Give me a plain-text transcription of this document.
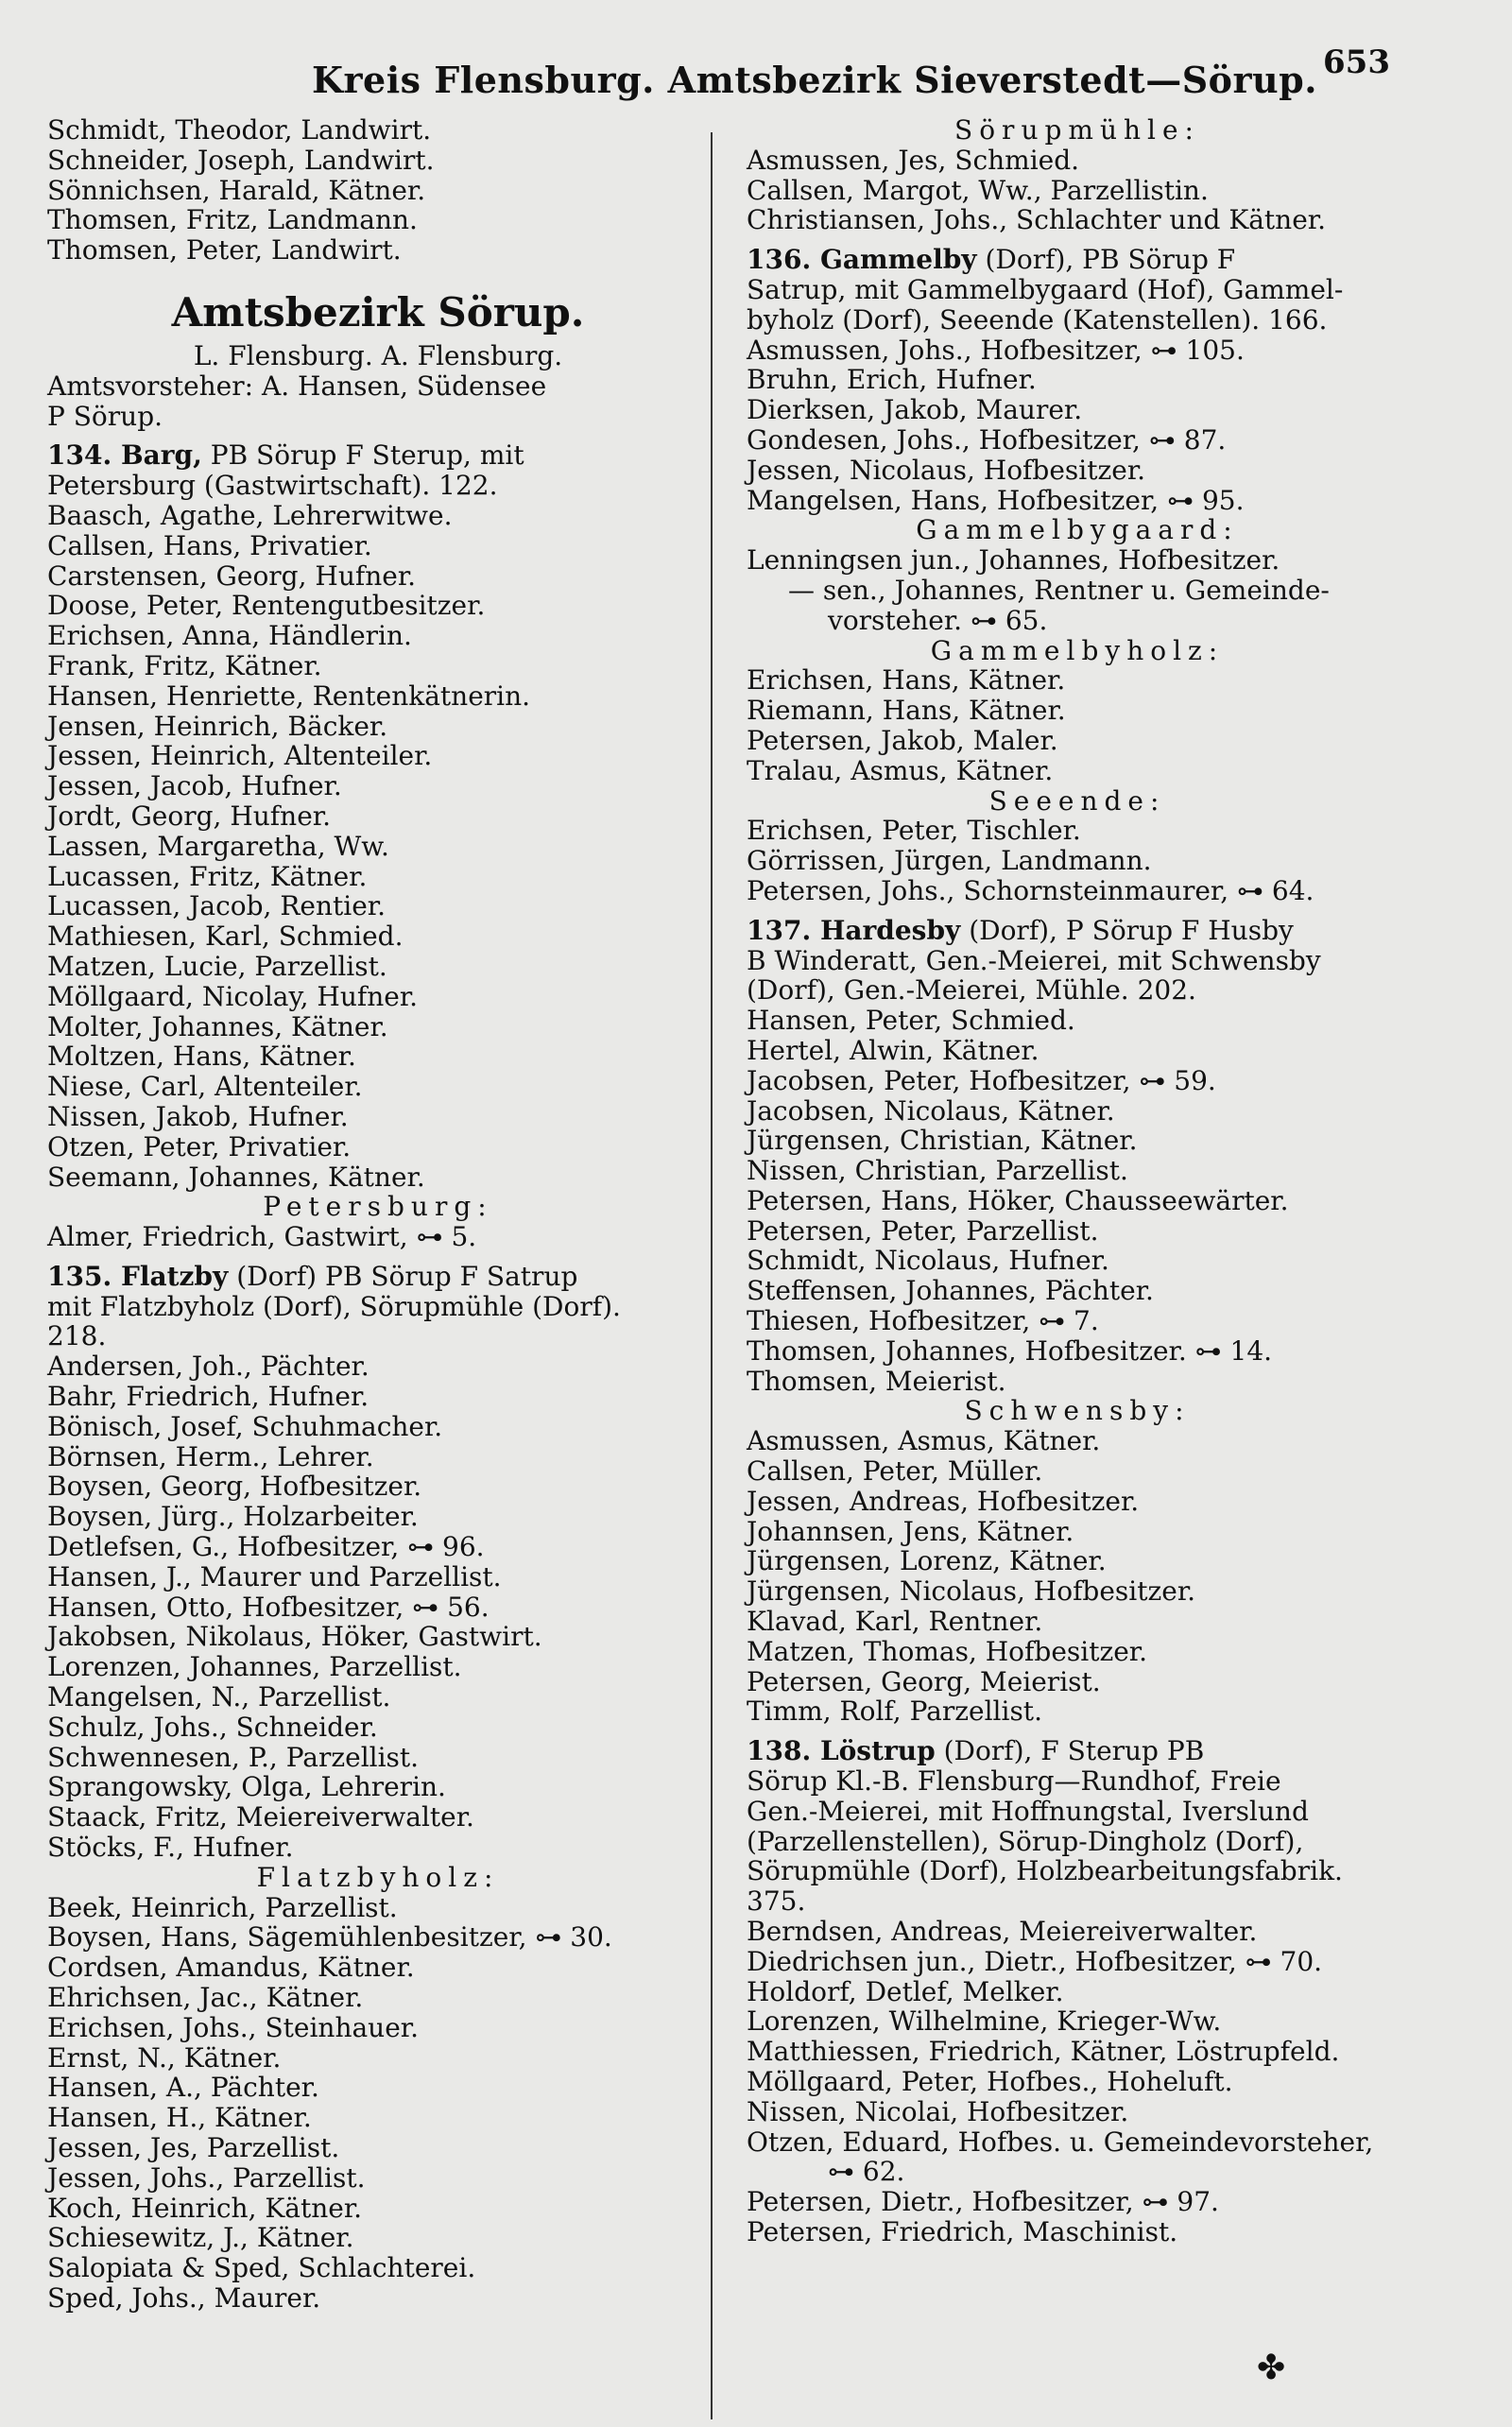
Kreis Flensburg. Amtsbezirk Sieverstedt—Sörup. 653
Schmidt, Theodor, Landwirt.
Schneider, Joseph, Landwirt.
Sönnichsen, Harald, Kätner.
Thomsen, Fritz, Landmann.
Thomsen, Peter, Landwirt.
Amtsbezirk Sörup.
L. Flensburg. A. Flensburg.
Amtsvorsteher: A. Hansen, Südensee
P Sörup.
134. Barg, PB Sörup F Sterup, mit
Petersburg (Gastwirtschaft). 122.
Baasch, Agathe, Lehrerwitwe.
Callsen, Hans, Privatier.
Carstensen, Georg, Hufner.
Doose, Peter, Rentengutbesitzer.
Erichsen, Anna, Händlerin.
Frank, Fritz, Kätner.
Hansen, Henriette, Rentenkätnerin.
Jensen, Heinrich, Bäcker.
Jessen, Heinrich, Altenteiler.
Jessen, Jacob, Hufner.
Jordt, Georg, Hufner.
Lassen, Margaretha, Ww.
Lucassen, Fritz, Kätner.
Lucassen, Jacob, Rentier.
Mathiesen, Karl, Schmied.
Matzen, Lucie, Parzellist.
Möllgaard, Nicolay, Hufner.
Molter, Johannes, Kätner.
Moltzen, Hans, Kätner.
Niese, Carl, Altenteiler.
Nissen, Jakob, Hufner.
Otzen, Peter, Privatier.
Seemann, Johannes, Kätner.
Petersburg:
Almer, Friedrich, Gastwirt, ⊶ 5.
135. Flatzby (Dorf) PB Sörup F Satrup
mit Flatzbyholz (Dorf), Sörupmühle (Dorf).
218.
Andersen, Joh., Pächter.
Bahr, Friedrich, Hufner.
Bönisch, Josef, Schuhmacher.
Börnsen, Herm., Lehrer.
Boysen, Georg, Hofbesitzer.
Boysen, Jürg., Holzarbeiter.
Detlefsen, G., Hofbesitzer, ⊶ 96.
Hansen, J., Maurer und Parzellist.
Hansen, Otto, Hofbesitzer, ⊶ 56.
Jakobsen, Nikolaus, Höker, Gastwirt.
Lorenzen, Johannes, Parzellist.
Mangelsen, N., Parzellist.
Schulz, Johs., Schneider.
Schwennesen, P., Parzellist.
Sprangowsky, Olga, Lehrerin.
Staack, Fritz, Meiereiverwalter.
Stöcks, F., Hufner.
Flatzbyholz:
Beek, Heinrich, Parzellist.
Boysen, Hans, Sägemühlenbesitzer, ⊶ 30.
Cordsen, Amandus, Kätner.
Ehrichsen, Jac., Kätner.
Erichsen, Johs., Steinhauer.
Ernst, N., Kätner.
Hansen, A., Pächter.
Hansen, H., Kätner.
Jessen, Jes, Parzellist.
Jessen, Johs., Parzellist.
Koch, Heinrich, Kätner.
Schiesewitz, J., Kätner.
Salopiata & Sped, Schlachterei.
Sped, Johs., Maurer.
Sörupmühle:
Asmussen, Jes, Schmied.
Callsen, Margot, Ww., Parzellistin.
Christiansen, Johs., Schlachter und Kätner.
136. Gammelby (Dorf), PB Sörup F
Satrup, mit Gammelbygaard (Hof), Gammel-
byholz (Dorf), Seeende (Katenstellen). 166.
Asmussen, Johs., Hofbesitzer, ⊶ 105.
Bruhn, Erich, Hufner.
Dierksen, Jakob, Maurer.
Gondesen, Johs., Hofbesitzer, ⊶ 87.
Jessen, Nicolaus, Hofbesitzer.
Mangelsen, Hans, Hofbesitzer, ⊶ 95.
Gammelbygaard:
Lenningsen jun., Johannes, Hofbesitzer.
— sen., Johannes, Rentner u. Gemeinde-
vorsteher. ⊶ 65.
Gammelbyholz:
Erichsen, Hans, Kätner.
Riemann, Hans, Kätner.
Petersen, Jakob, Maler.
Tralau, Asmus, Kätner.
Seeende:
Erichsen, Peter, Tischler.
Görrissen, Jürgen, Landmann.
Petersen, Johs., Schornsteinmaurer, ⊶ 64.
137. Hardesby (Dorf), P Sörup F Husby
B Winderatt, Gen.-Meierei, mit Schwensby
(Dorf), Gen.-Meierei, Mühle. 202.
Hansen, Peter, Schmied.
Hertel, Alwin, Kätner.
Jacobsen, Peter, Hofbesitzer, ⊶ 59.
Jacobsen, Nicolaus, Kätner.
Jürgensen, Christian, Kätner.
Nissen, Christian, Parzellist.
Petersen, Hans, Höker, Chausseewärter.
Petersen, Peter, Parzellist.
Schmidt, Nicolaus, Hufner.
Steffensen, Johannes, Pächter.
Thiesen, Hofbesitzer, ⊶ 7.
Thomsen, Johannes, Hofbesitzer. ⊶ 14.
Thomsen, Meierist.
Schwensby:
Asmussen, Asmus, Kätner.
Callsen, Peter, Müller.
Jessen, Andreas, Hofbesitzer.
Johannsen, Jens, Kätner.
Jürgensen, Lorenz, Kätner.
Jürgensen, Nicolaus, Hofbesitzer.
Klavad, Karl, Rentner.
Matzen, Thomas, Hofbesitzer.
Petersen, Georg, Meierist.
Timm, Rolf, Parzellist.
138. Löstrup (Dorf), F Sterup PB
Sörup Kl.-B. Flensburg—Rundhof, Freie
Gen.-Meierei, mit Hoffnungstal, Iverslund
(Parzellenstellen), Sörup-Dingholz (Dorf),
Sörupmühle (Dorf), Holzbearbeitungsfabrik.
375.
Berndsen, Andreas, Meiereiverwalter.
Diedrichsen jun., Dietr., Hofbesitzer, ⊶ 70.
Holdorf, Detlef, Melker.
Lorenzen, Wilhelmine, Krieger-Ww.
Matthiessen, Friedrich, Kätner, Löstrupfeld.
Möllgaard, Peter, Hofbes., Hoheluft.
Nissen, Nicolai, Hofbesitzer.
Otzen, Eduard, Hofbes. u. Gemeindevorsteher,
⊶ 62.
Petersen, Dietr., Hofbesitzer, ⊶ 97.
Petersen, Friedrich, Maschinist.
✤
